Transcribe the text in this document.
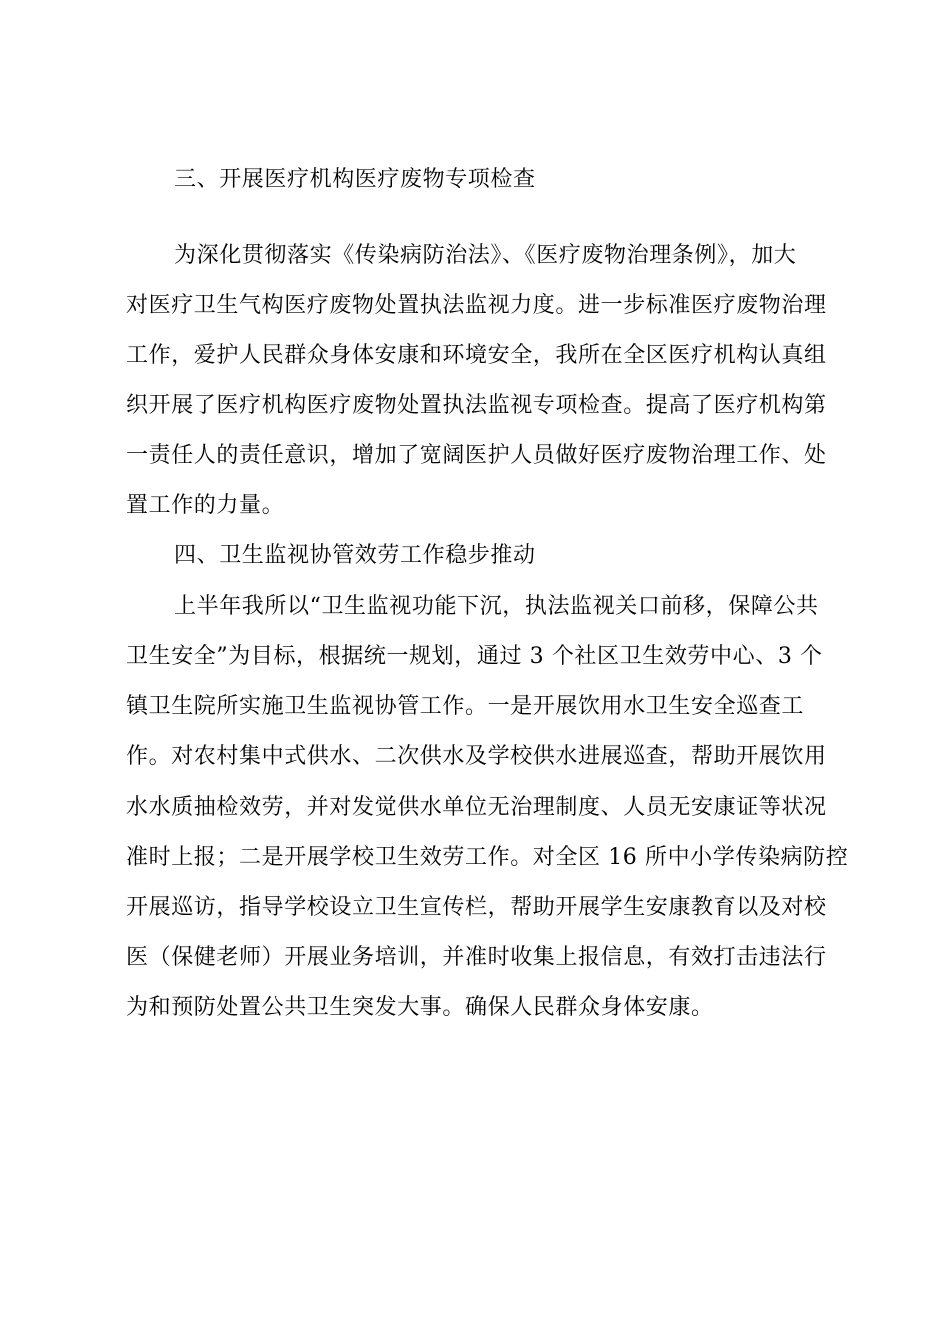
三、开展医疗机构医疗废物专项检查
为深化贯彻落实《传染病防治法》、《医疗废物治理条例》，加大
对医疗卫生气构医疗废物处置执法监视力度。进一步标准医疗废物治理
工作，爱护人民群众身体安康和环境安全，我所在全区医疗机构认真组
织开展了医疗机构医疗废物处置执法监视专项检查。提高了医疗机构第
一责任人的责任意识，增加了宽阔医护人员做好医疗废物治理工作、处
置工作的力量。
四、卫生监视协管效劳工作稳步推动
上半年我所以“卫生监视功能下沉，执法监视关口前移，保障公共
卫生安全”为目标，根据统一规划，通过 3 个社区卫生效劳中心、3 个
镇卫生院所实施卫生监视协管工作。一是开展饮用水卫生安全巡查工
作。对农村集中式供水、二次供水及学校供水进展巡查，帮助开展饮用
水水质抽检效劳，并对发觉供水单位无治理制度、人员无安康证等状况
准时上报；二是开展学校卫生效劳工作。对全区 16 所中小学传染病防控
开展巡访，指导学校设立卫生宣传栏，帮助开展学生安康教育以及对校
医（保健老师）开展业务培训，并准时收集上报信息，有效打击违法行
为和预防处置公共卫生突发大事。确保人民群众身体安康。
